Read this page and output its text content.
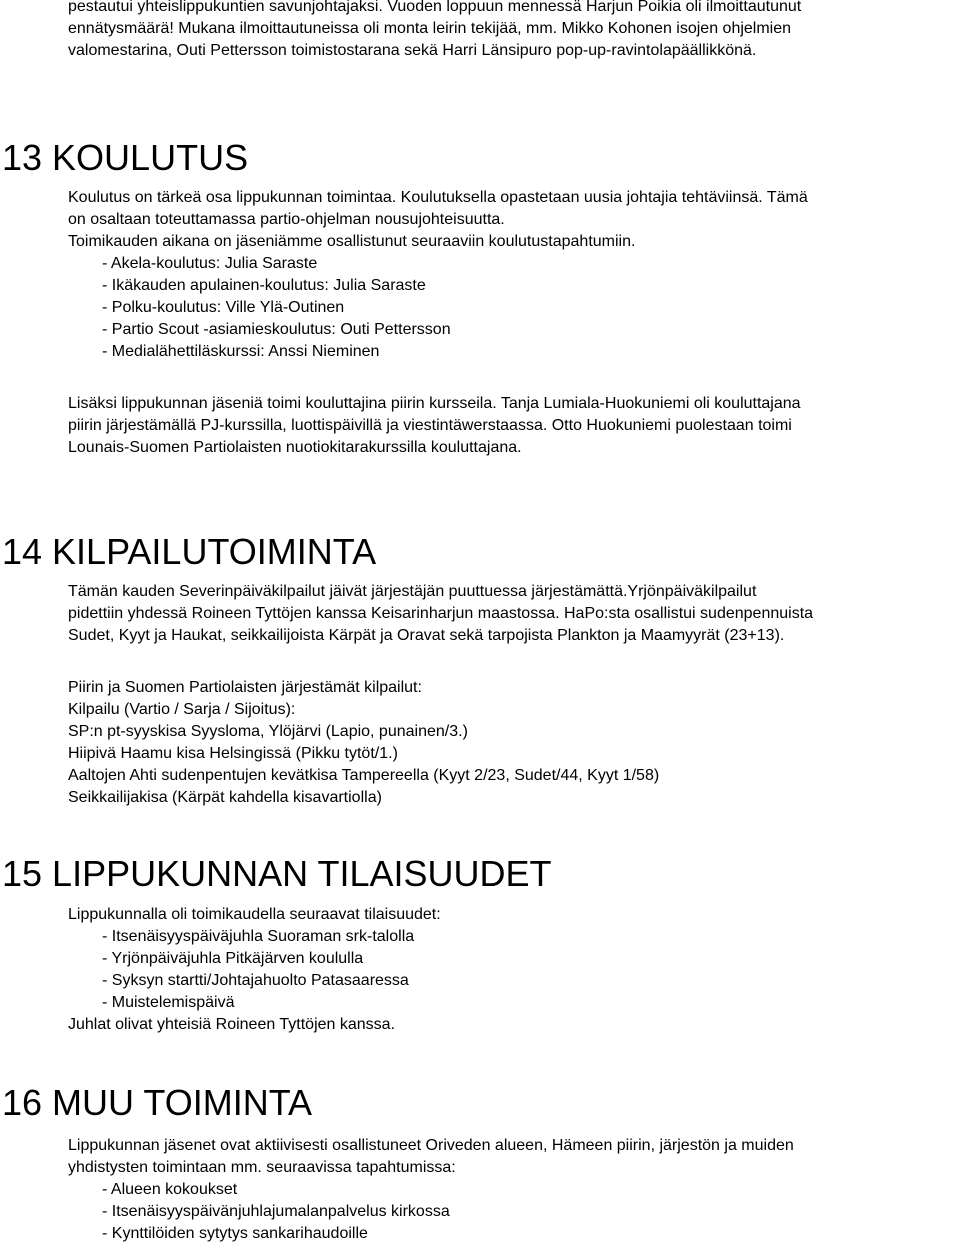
pestautui yhteislippukuntien savunjohtajaksi. Vuoden loppuun mennessä Harjun Poikia oli ilmoittautunut
ennätysmäärä! Mukana ilmoittautuneissa oli monta leirin tekijää, mm. Mikko Kohonen isojen ohjelmien
valomestarina, Outi Pettersson toimistostarana sekä Harri Länsipuro pop-up-ravintolapäällikkönä.
13 KOULUTUS
Koulutus on tärkeä osa lippukunnan toimintaa. Koulutuksella opastetaan uusia johtajia tehtäviinsä. Tämä
on osaltaan toteuttamassa partio-ohjelman nousujohteisuutta.
Toimikauden aikana on jäseniämme osallistunut seuraaviin koulutustapahtumiin.
- Akela-koulutus: Julia Saraste
- Ikäkauden apulainen-koulutus: Julia Saraste
- Polku-koulutus: Ville Ylä-Outinen
- Partio Scout -asiamieskoulutus: Outi Pettersson
- Medialähettiläskurssi: Anssi Nieminen
Lisäksi lippukunnan jäseniä toimi kouluttajina piirin kursseila. Tanja Lumiala-Huokuniemi oli kouluttajana
piirin järjestämällä PJ-kurssilla, luottispäivillä ja viestintäwerstaassa. Otto Huokuniemi puolestaan toimi
Lounais-Suomen Partiolaisten nuotiokitarakurssilla kouluttajana.
14 KILPAILUTOIMINTA
Tämän kauden Severinpäiväkilpailut jäivät järjestäjän puuttuessa järjestämättä.Yrjönpäiväkilpailut
pidettiin yhdessä Roineen Tyttöjen kanssa Keisarinharjun maastossa. HaPo:sta osallistui sudenpennuista
Sudet, Kyyt ja Haukat, seikkailijoista Kärpät ja Oravat sekä tarpojista Plankton ja Maamyyrät (23+13).
Piirin ja Suomen Partiolaisten järjestämät kilpailut:
Kilpailu (Vartio / Sarja / Sijoitus):
SP:n pt-syyskisa Syysloma, Ylöjärvi (Lapio, punainen/3.)
Hiipivä Haamu kisa Helsingissä (Pikku tytöt/1.)
Aaltojen Ahti sudenpentujen kevätkisa Tampereella (Kyyt 2/23, Sudet/44, Kyyt 1/58)
Seikkailijakisa (Kärpät kahdella kisavartiolla)
15 LIPPUKUNNAN TILAISUUDET
Lippukunnalla oli toimikaudella seuraavat tilaisuudet:
- Itsenäisyyspäiväjuhla Suoraman srk-talolla
- Yrjönpäiväjuhla Pitkäjärven koululla
- Syksyn startti/Johtajahuolto Patasaaressa
- Muistelemispäivä
Juhlat olivat yhteisiä Roineen Tyttöjen kanssa.
16 MUU TOIMINTA
Lippukunnan jäsenet ovat aktiivisesti osallistuneet Oriveden alueen, Hämeen piirin, järjestön ja muiden
yhdistysten toimintaan mm. seuraavissa tapahtumissa:
- Alueen kokoukset
- Itsenäisyyspäivänjuhlajumalanpalvelus kirkossa
- Kynttilöiden sytytys sankarihaudoille
